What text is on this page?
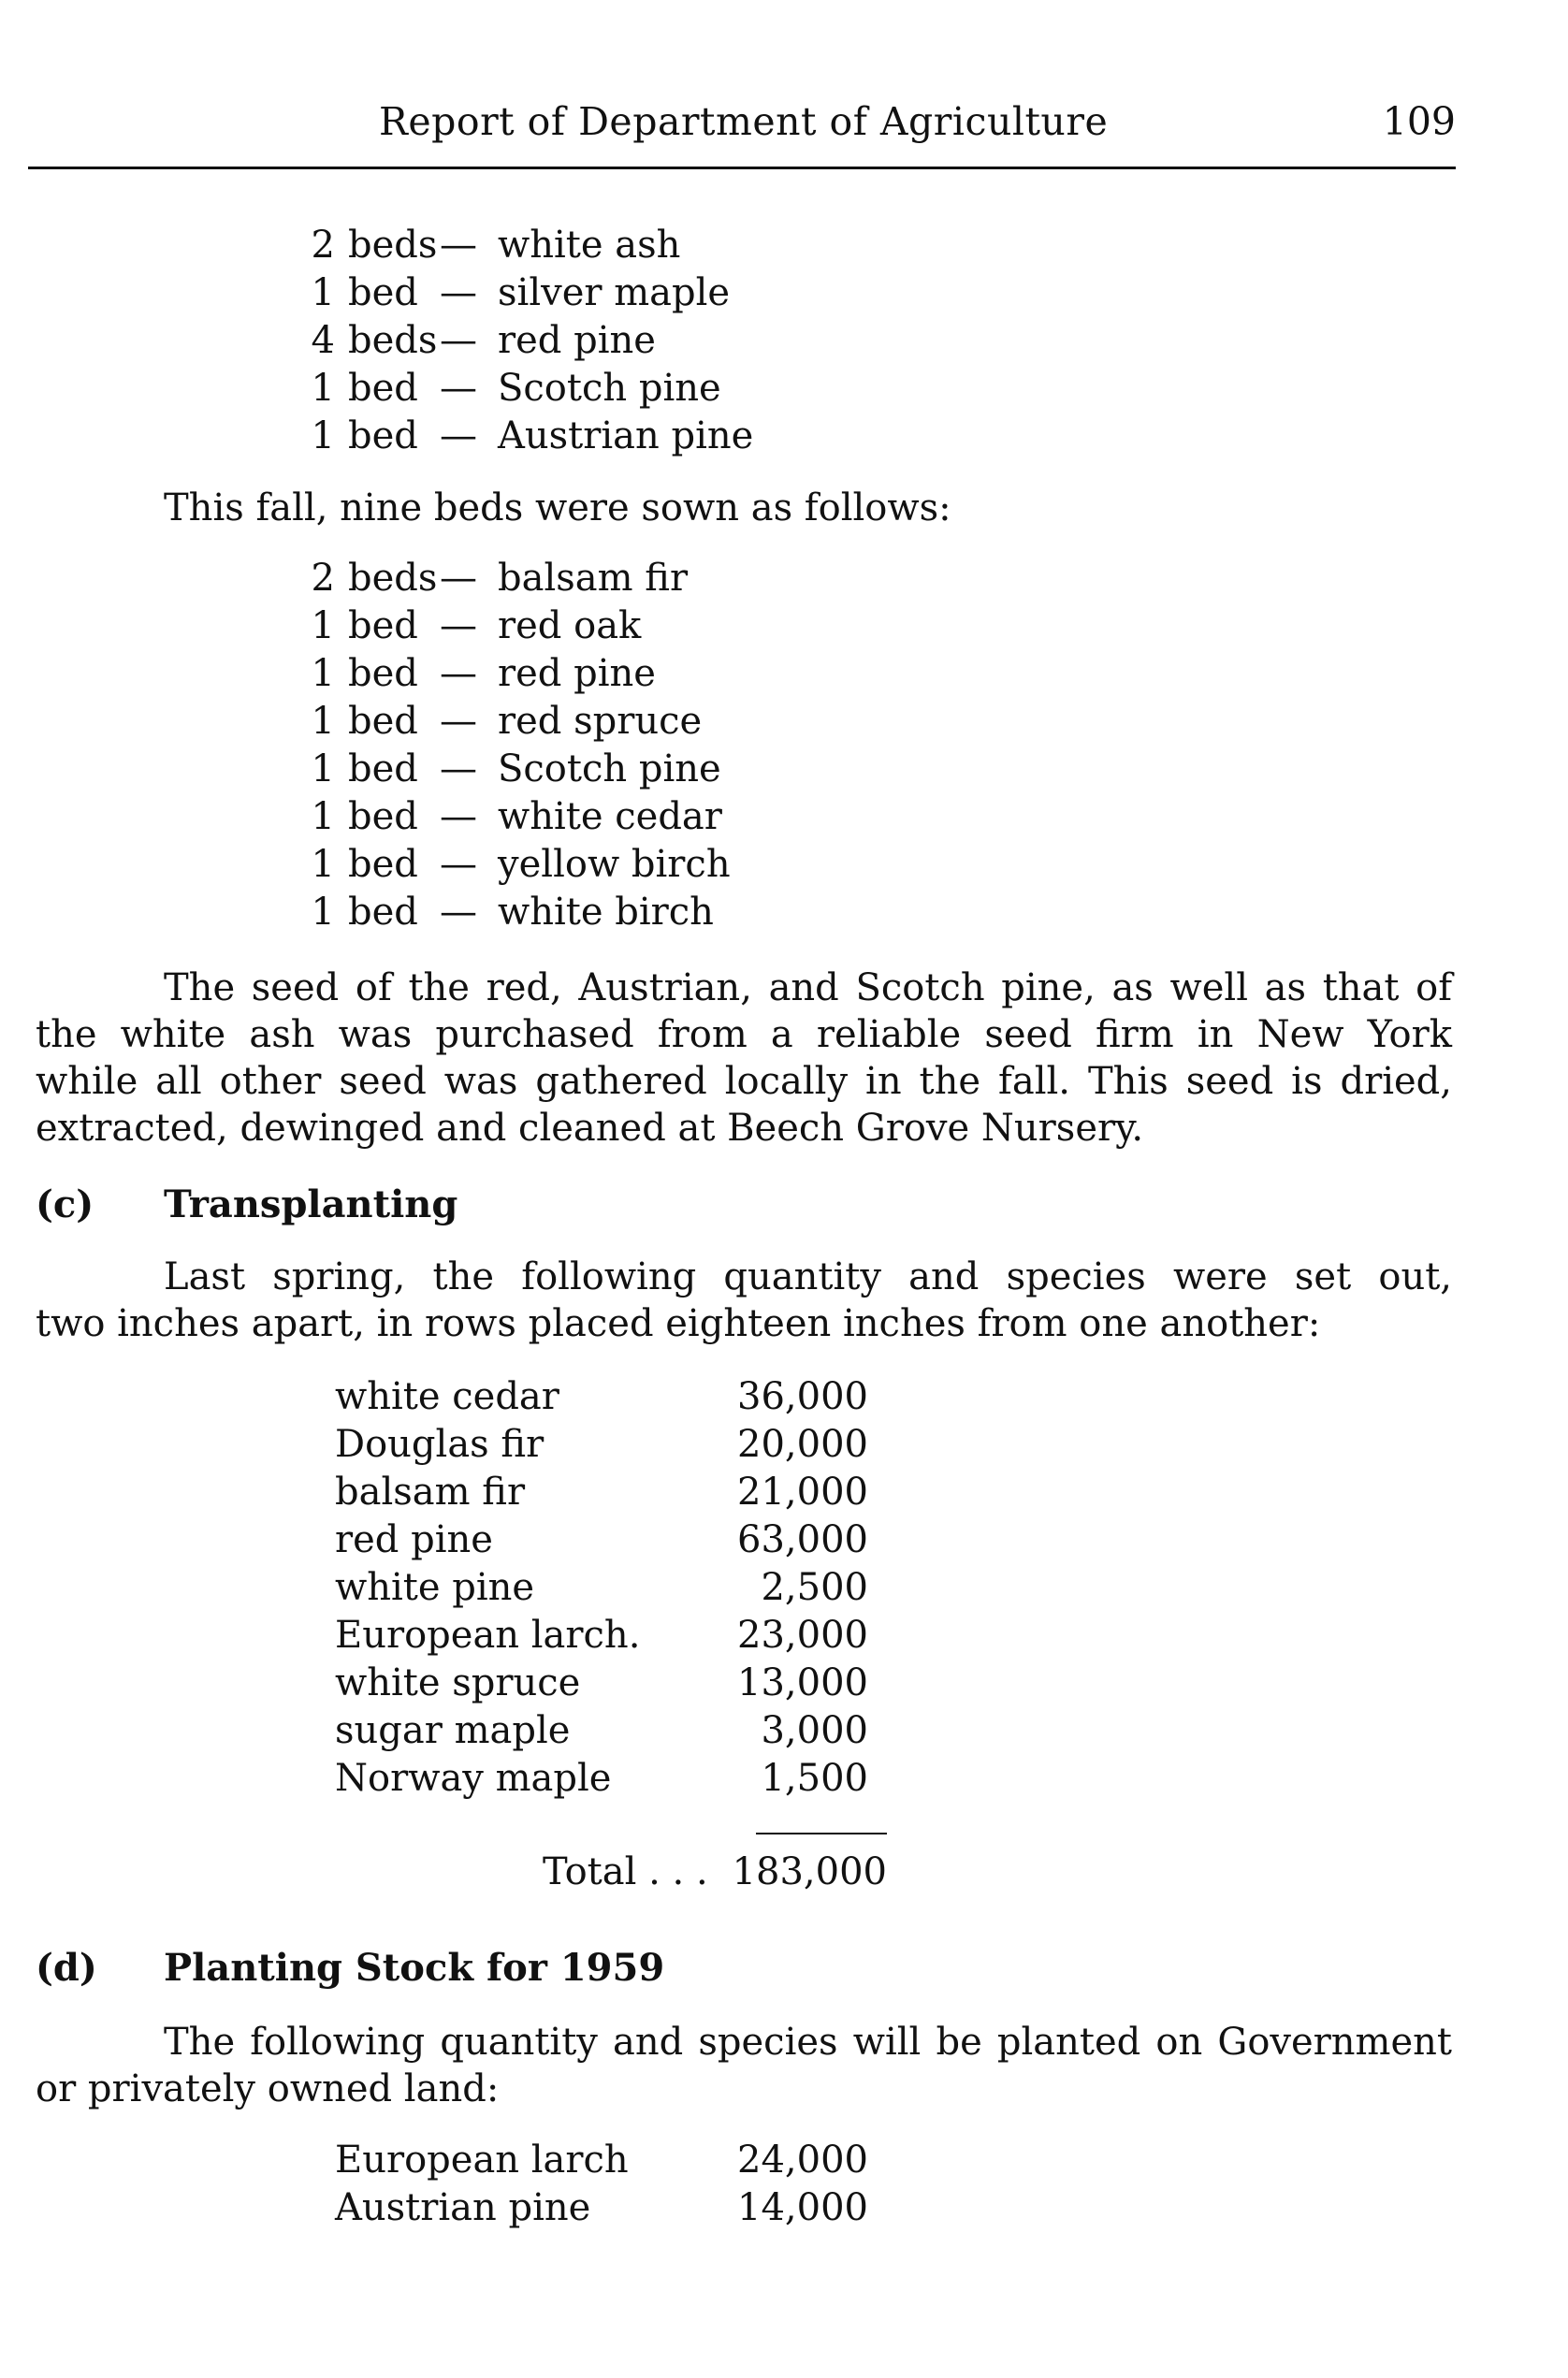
Report of Department of Agriculture	109
2 beds — white ash
1 bed — silver maple
4 beds — red pine
1 bed — Scotch pine
1 bed — Austrian pine
This fall, nine beds were sown as follows:
2 beds — balsam fir
1 bed — red oak
1 bed — red pine
1 bed — red spruce
1 bed — Scotch pine
1 bed — white cedar
1 bed — yellow birch
1 bed — white birch
The seed of the red, Austrian, and Scotch pine, as well as that of
the white ash was purchased from a reliable seed firm in New York
while all other seed was gathered locally in the fall. This seed is dried,
extracted, dewinged and cleaned at Beech Grove Nursery.
(c) Transplanting
Last spring, the following quantity and species were set out,
two inches apart, in rows placed eighteen inches from one another:
white cedar	36,000
Douglas fir	20,000
balsam fir	21,000
red pine	63,000
white pine	2,500
European larch.	23,000
white spruce	13,000
sugar maple	3,000
Norway maple	1,500
Total . . . 183,000
(d) Planting Stock for 1959
The following quantity and species will be planted on Government
or privately owned land:
European larch	24,000
Austrian pine	14,000
